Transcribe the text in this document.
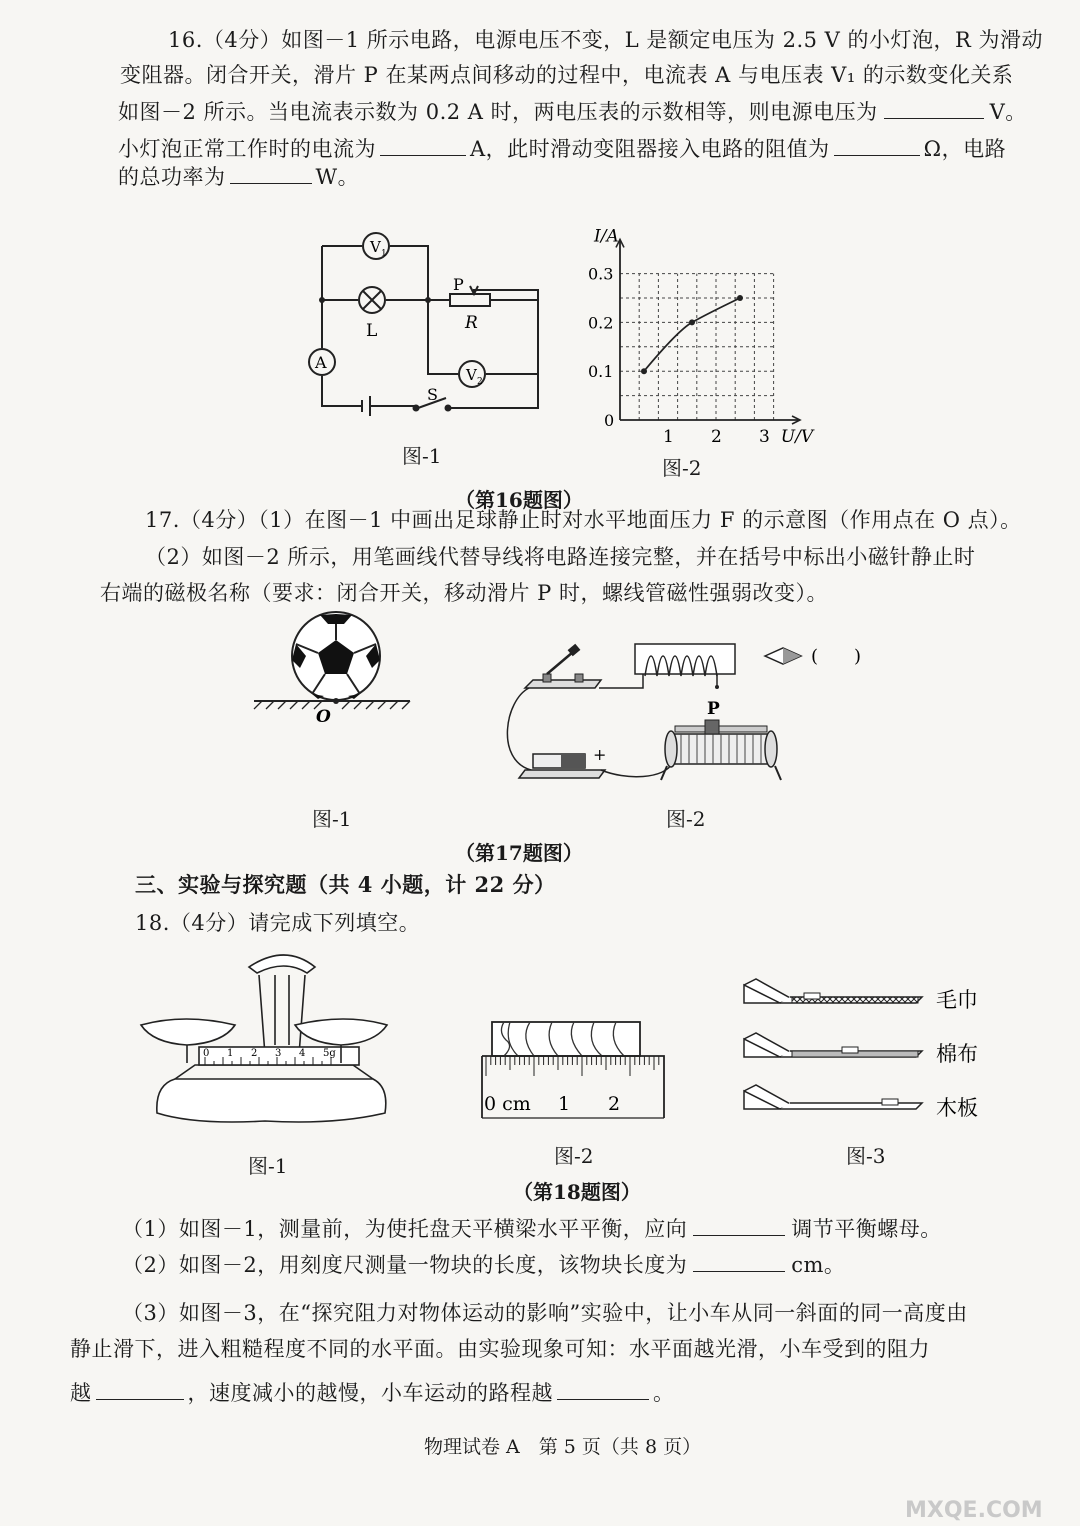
16.（4分）如图－1 所示电路，电源电压不变，L 是额定电压为 2.5 V 的小灯泡，R 为滑动
变阻器。闭合开关，滑片 P 在某两点间移动的过程中，电流表 A 与电压表 V₁ 的示数变化关系
如图－2 所示。当电流表示数为 0.2 A 时，两电压表的示数相等，则电源电压为	V。
小灯泡正常工作时的电流为	A，此时滑动变阻器接入电路的阻值为	Ω，电路
的总功率为	W。
V 1
L
A
V 2
P
R
S
图-1
1 2 3
0.1
0.2
0.3
0
U/V
I/A
图-2
（第16题图）
17.（4分）（1）在图－1 中画出足球静止时对水平地面压力 F 的示意图（作用点在 O 点）。
（2）如图－2 所示，用笔画线代替导线将电路连接完整，并在括号中标出小磁针静止时
右端的磁极名称（要求：闭合开关，移动滑片 P 时，螺线管磁性强弱改变）。
O
图-1
+
P
(　　)
图-2
（第17题图）
三、实验与探究题（共 4 小题，计 22 分）
18.（4分）请完成下列填空。
0 1 2 3 4 5g
图-1
0 cm 1 2
图-2
毛巾
棉布
木板
图-3
（第18题图）
（1）如图－1，测量前，为使托盘天平横梁水平平衡，应向	调节平衡螺母。
（2）如图－2，用刻度尺测量一物块的长度，该物块长度为	cm。
（3）如图－3，在“探究阻力对物体运动的影响”实验中，让小车从同一斜面的同一高度由
静止滑下，进入粗糙程度不同的水平面。由实验现象可知：水平面越光滑，小车受到的阻力
越	，速度减小的越慢，小车运动的路程越	。
物理试卷 A　第 5 页（共 8 页）
MXQE.COM
